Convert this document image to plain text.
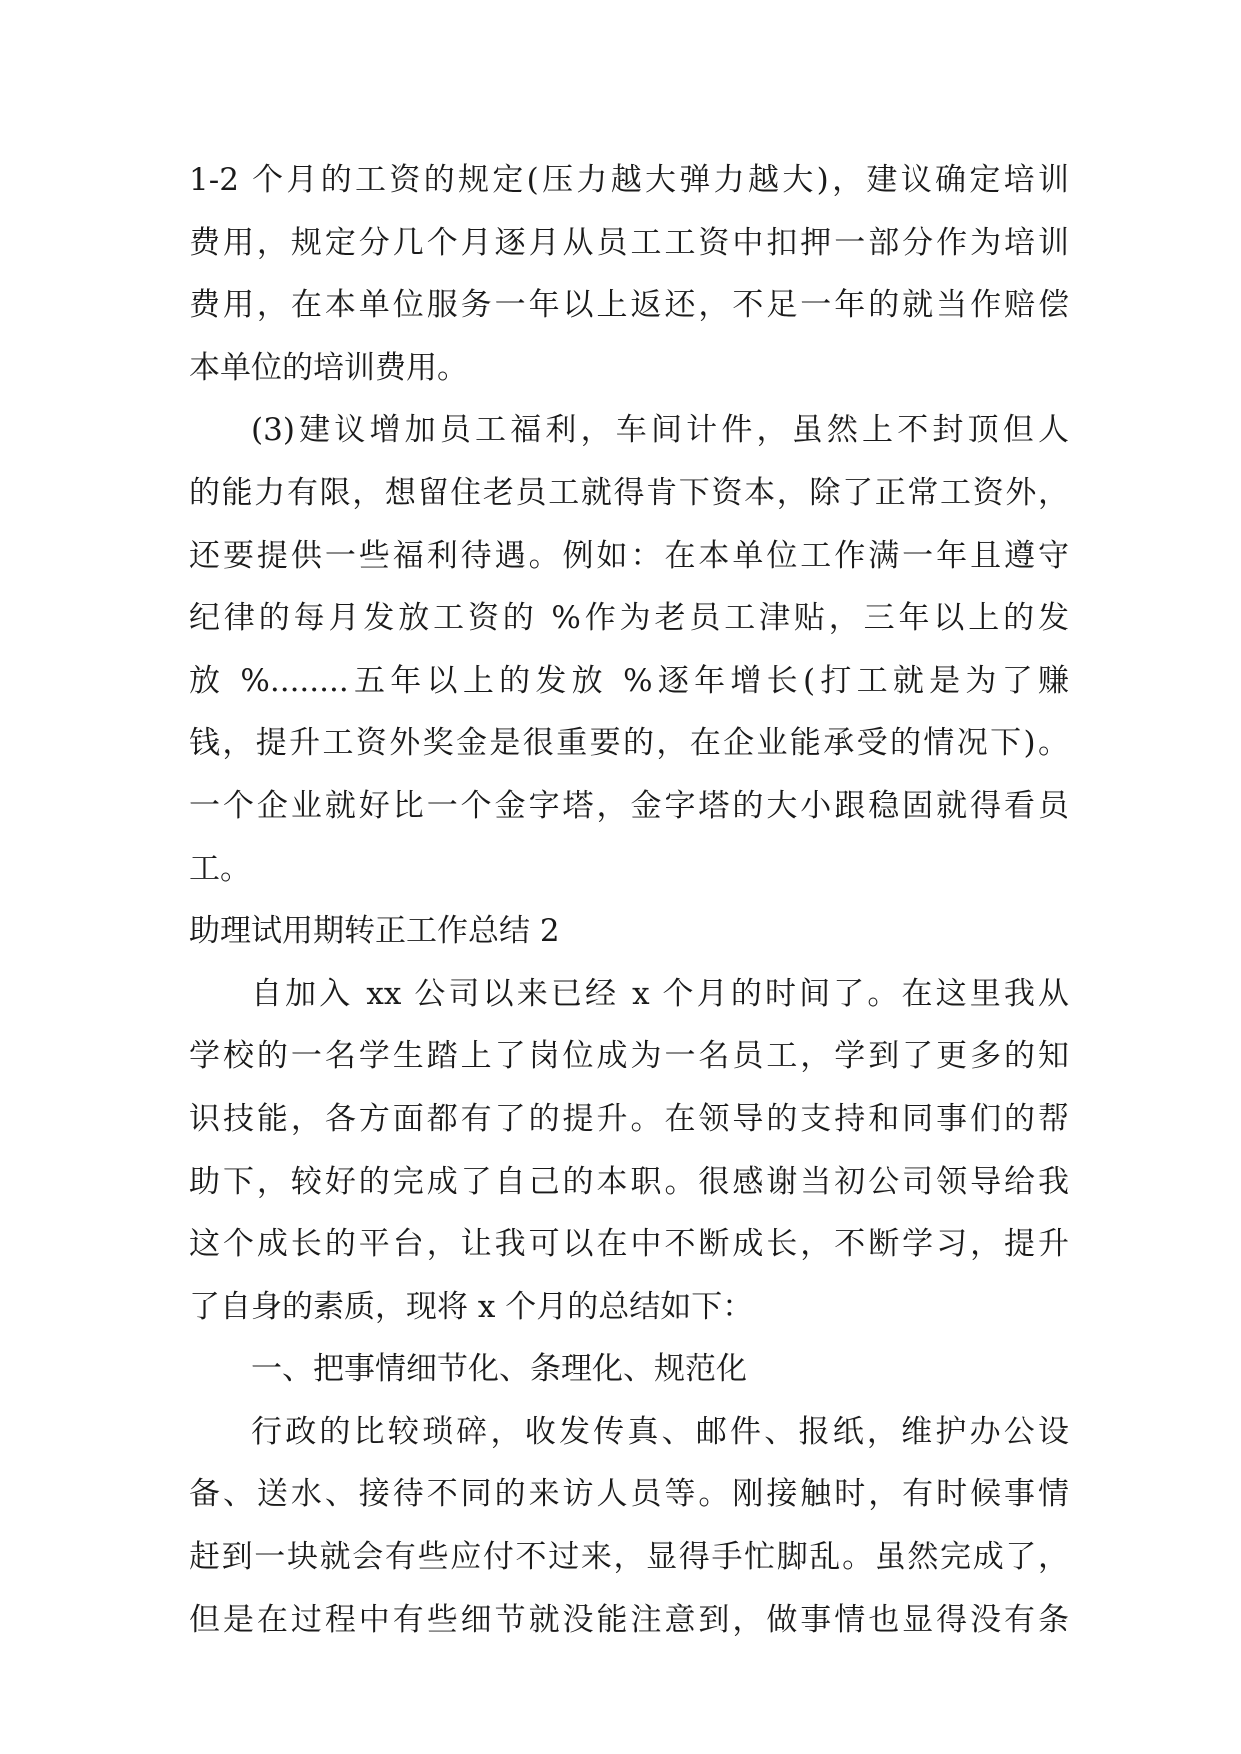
1-2 个月的工资的规定(压力越大弹力越大)，建议确定培训
费用，规定分几个月逐月从员工工资中扣押一部分作为培训
费用，在本单位服务一年以上返还，不足一年的就当作赔偿
本单位的培训费用。

(3)建议增加员工福利，车间计件，虽然上不封顶但人
的能力有限，想留住老员工就得肯下资本，除了正常工资外，
还要提供一些福利待遇。例如：在本单位工作满一年且遵守
纪律的每月发放工资的 %作为老员工津贴，三年以上的发
放 %........五年以上的发放 %逐年增长(打工就是为了赚
钱，提升工资外奖金是很重要的，在企业能承受的情况下)。
一个企业就好比一个金字塔，金字塔的大小跟稳固就得看员
工。

助理试用期转正工作总结 2

自加入 xx 公司以来已经 x 个月的时间了。在这里我从
学校的一名学生踏上了岗位成为一名员工，学到了更多的知
识技能，各方面都有了的提升。在领导的支持和同事们的帮
助下，较好的完成了自己的本职。很感谢当初公司领导给我
这个成长的平台，让我可以在中不断成长，不断学习，提升
了自身的素质，现将 x 个月的总结如下：

一、把事情细节化、条理化、规范化

行政的比较琐碎，收发传真、邮件、报纸，维护办公设
备、送水、接待不同的来访人员等。刚接触时，有时候事情
赶到一块就会有些应付不过来，显得手忙脚乱。虽然完成了，
但是在过程中有些细节就没能注意到，做事情也显得没有条
